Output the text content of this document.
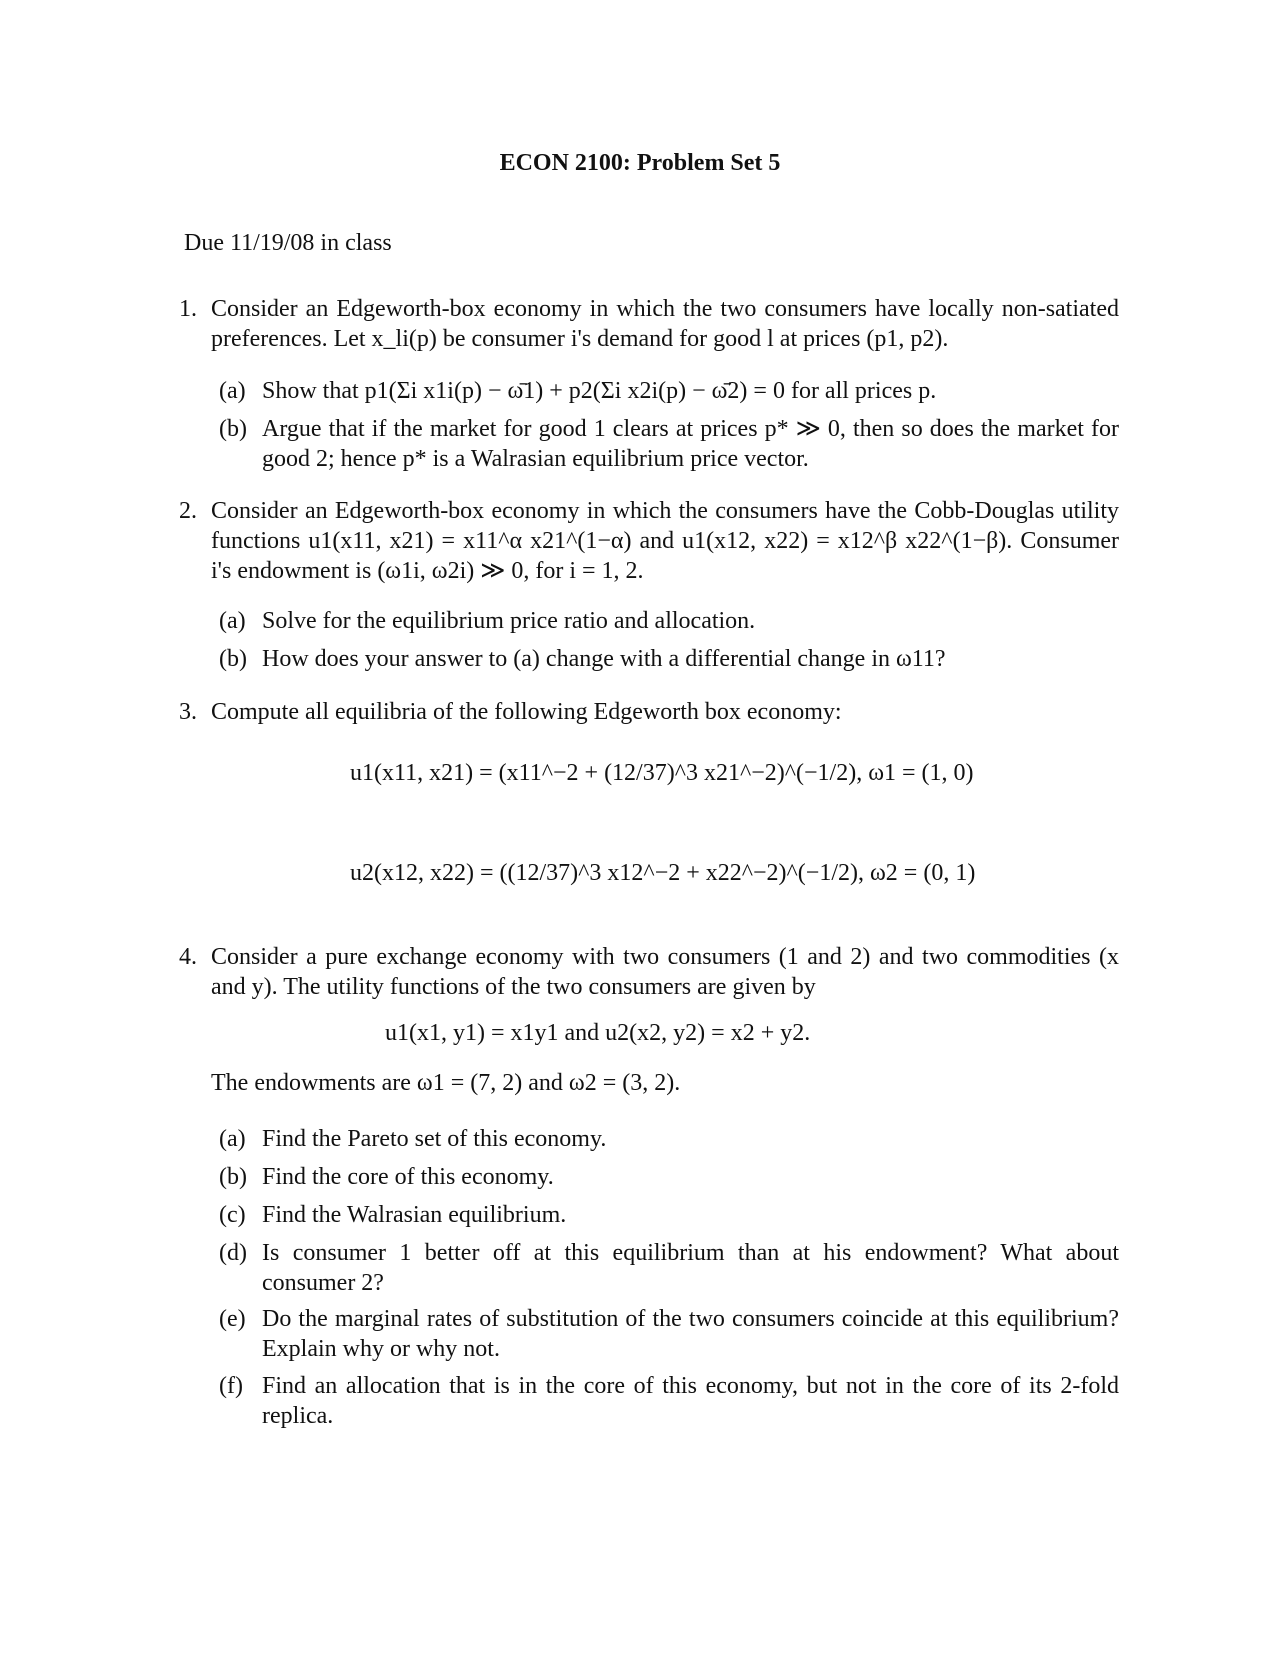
ECON 2100: Problem Set 5
Due 11/19/08 in class
1. Consider an Edgeworth-box economy in which the two consumers have locally non-satiated preferences. Let x_li(p) be consumer i's demand for good l at prices (p1, p2).
(a) Show that p1(Σi x1i(p) − ω̄1) + p2(Σi x2i(p) − ω̄2) = 0 for all prices p.
(b) Argue that if the market for good 1 clears at prices p* ≫ 0, then so does the market for good 2; hence p* is a Walrasian equilibrium price vector.
2. Consider an Edgeworth-box economy in which the consumers have the Cobb-Douglas utility functions u1(x11, x21) = x11^α x21^(1−α) and u1(x12, x22) = x12^β x22^(1−β). Consumer i's endowment is (ω1i, ω2i) ≫ 0, for i = 1, 2.
(a) Solve for the equilibrium price ratio and allocation.
(b) How does your answer to (a) change with a differential change in ω11?
3. Compute all equilibria of the following Edgeworth box economy:
u1(x11, x21) = (x11^−2 + (12/37)^3 x21^−2)^(−1/2), ω1 = (1, 0)
u2(x12, x22) = ((12/37)^3 x12^−2 + x22^−2)^(−1/2), ω2 = (0, 1)
4. Consider a pure exchange economy with two consumers (1 and 2) and two commodities (x and y). The utility functions of the two consumers are given by
u1(x1, y1) = x1y1 and u2(x2, y2) = x2 + y2.
The endowments are ω1 = (7, 2) and ω2 = (3, 2).
(a) Find the Pareto set of this economy.
(b) Find the core of this economy.
(c) Find the Walrasian equilibrium.
(d) Is consumer 1 better off at this equilibrium than at his endowment? What about consumer 2?
(e) Do the marginal rates of substitution of the two consumers coincide at this equilibrium? Explain why or why not.
(f) Find an allocation that is in the core of this economy, but not in the core of its 2-fold replica.
